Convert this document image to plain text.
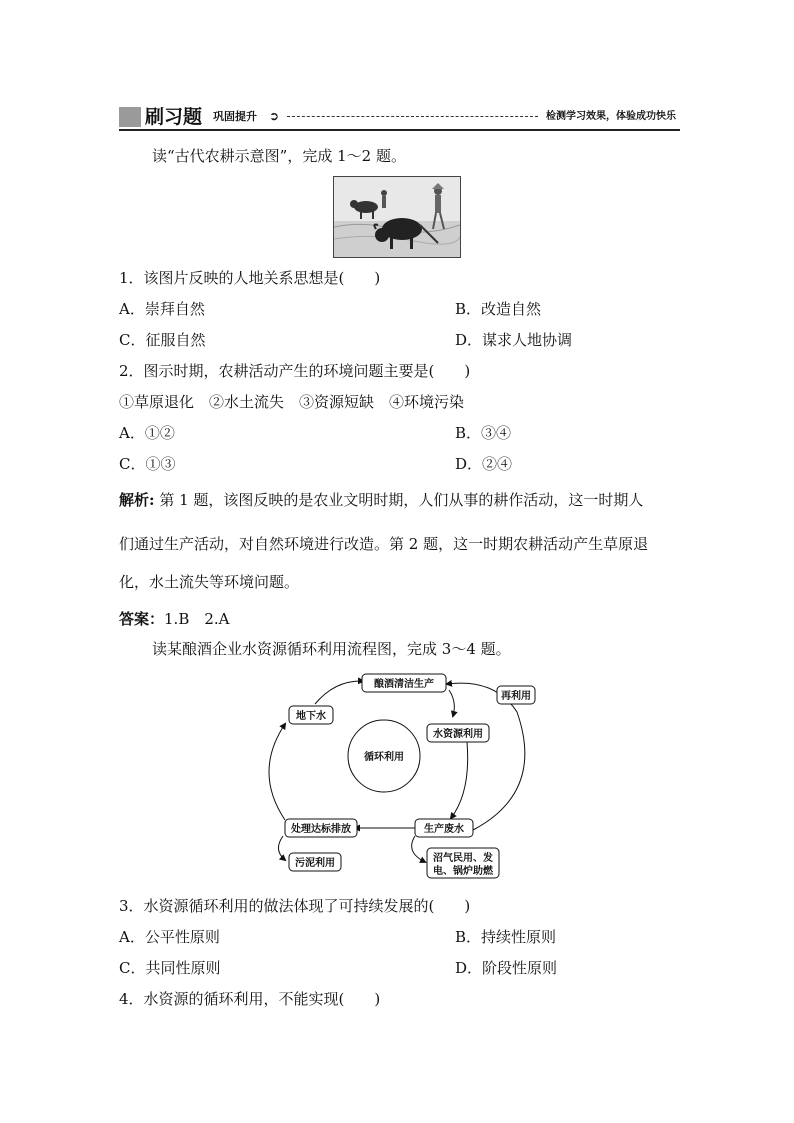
刷习题 巩固提升 ➲	检测学习效果，体验成功快乐
读“古代农耕示意图”，完成 1～2 题。
1．该图片反映的人地关系思想是(　　)
A．崇拜自然	B．改造自然
C．征服自然	D．谋求人地协调
2．图示时期，农耕活动产生的环境问题主要是(　　)
①草原退化　②水土流失　③资源短缺　④环境污染
A．①②	B．③④
C．①③	D．②④
解析: 第 1 题，该图反映的是农业文明时期，人们从事的耕作活动，这一时期人
们通过生产活动，对自然环境进行改造。第 2 题，这一时期农耕活动产生草原退
化，水土流失等环境问题。
答案：1.B　2.A
读某酿酒企业水资源循环利用流程图，完成 3～4 题。
酿酒清洁生产
再利用
地下水
循环利用
水资源利用
生产废水
处理达标排放
污泥利用	沼气民用、发
电、锅炉助燃
3．水资源循环利用的做法体现了可持续发展的(　　)
A．公平性原则	B．持续性原则
C．共同性原则	D．阶段性原则
4．水资源的循环利用，不能实现(　　)
